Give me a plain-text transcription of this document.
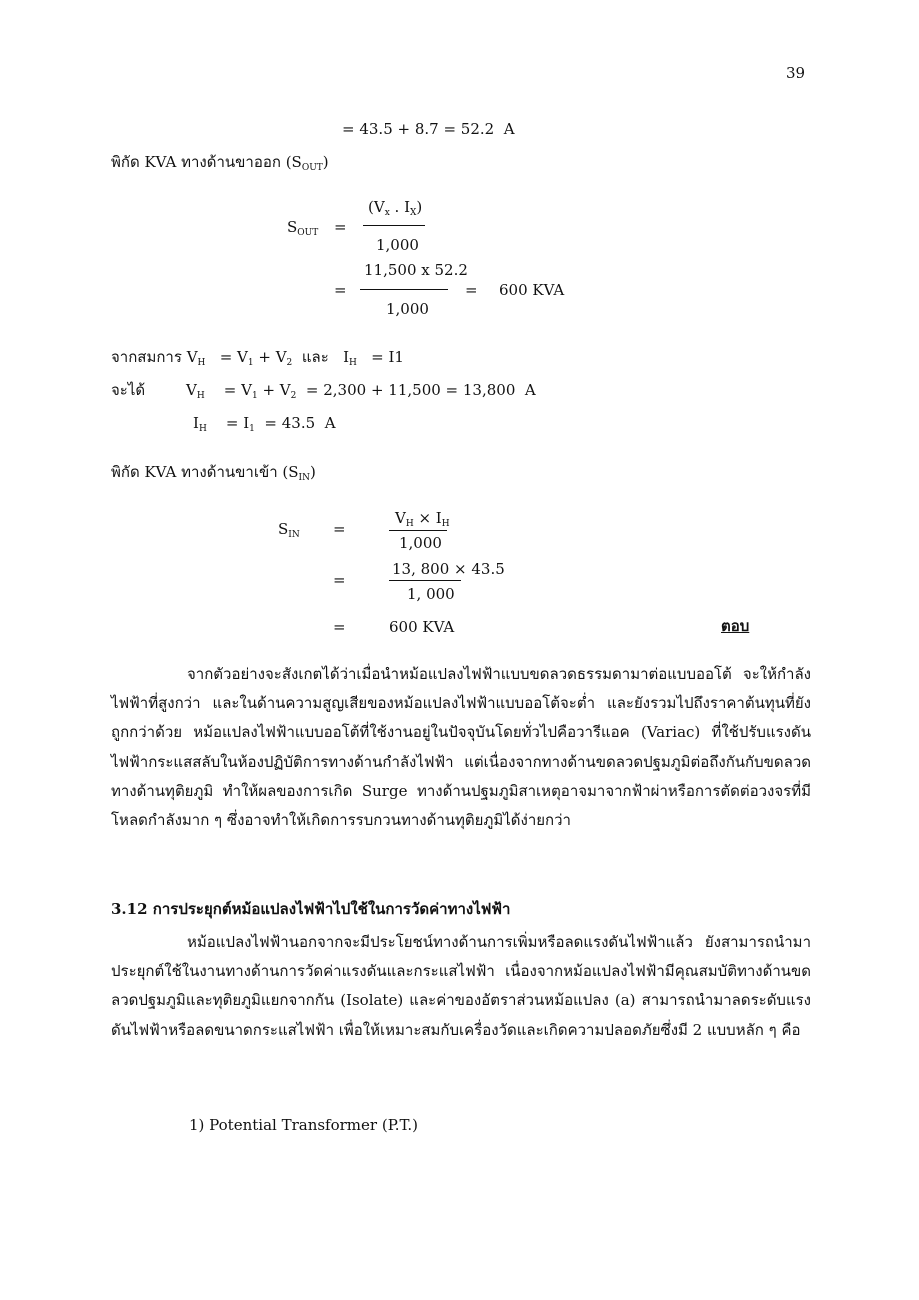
39
= 43.5 + 8.7 = 52.2 A
พิกัด KVA ทางด้านขาออก $(S_{OUT})$
$S_{OUT}$ =
($V_x$ . $I_X$)
1,000
11,500 x 52.2
=
1,000
= 600 KVA
จากสมการ $V_H = V_1 + V_2$ และ $I_H = I1$
จะได้	$V_H = V_1 + V_2 = 2,300 + 11,500 = 13,800$ A
$I_H = I_1 = 43.5$ A
พิกัด KVA ทางด้านขาเข้า $(S_{IN})$
$S_{IN}$ =
$V_H \times I_H$
1,000
13, 800 × 43.5
=
1, 000
=	600 KVA	ตอบ

จากตัวอย่างจะสังเกตได้ว่าเมื่อนำหม้อแปลงไฟฟ้าแบบขดลวดธรรมดามาต่อแบบออโต้ จะให้กำลังไฟฟ้าที่สูงกว่า และในด้านความสูญเสียของหม้อแปลงไฟฟ้าแบบออโต้จะต่ำ และยังรวมไปถึงราคาต้นทุนที่ยังถูกกว่าด้วย หม้อแปลงไฟฟ้าแบบออโต้ที่ใช้งานอยู่ในปัจจุบันโดยทั่วไปคือวารีแอค (Variac) ที่ใช้ปรับแรงดันไฟฟ้ากระแสสลับในห้องปฏิบัติการทางด้านกำลังไฟฟ้า แต่เนื่องจากทางด้านขดลวดปฐมภูมิต่อถึงกันกับขดลวดทางด้านทุติยภูมิ ทำให้ผลของการเกิด Surge ทางด้านปฐมภูมิสาเหตุอาจมาจากฟ้าผ่าหรือการตัดต่อวงจรที่มีโหลดกำลังมาก ๆ ซึ่งอาจทำให้เกิดการรบกวนทางด้านทุติยภูมิได้ง่ายกว่า

3.12 การประยุกต์หม้อแปลงไฟฟ้าไปใช้ในการวัดค่าทางไฟฟ้า

หม้อแปลงไฟฟ้านอกจากจะมีประโยชน์ทางด้านการเพิ่มหรือลดแรงดันไฟฟ้าแล้ว ยังสามารถนำมาประยุกต์ใช้ในงานทางด้านการวัดค่าแรงดันและกระแสไฟฟ้า เนื่องจากหม้อแปลงไฟฟ้ามีคุณสมบัติทางด้านขดลวดปฐมภูมิและทุติยภูมิแยกจากกัน (Isolate) และค่าของอัตราส่วนหม้อแปลง (a) สามารถนำมาลดระดับแรงดันไฟฟ้าหรือลดขนาดกระแสไฟฟ้า เพื่อให้เหมาะสมกับเครื่องวัดและเกิดความปลอดภัยซึ่งมี 2 แบบหลัก ๆ คือ

1) Potential Transformer (P.T.)
